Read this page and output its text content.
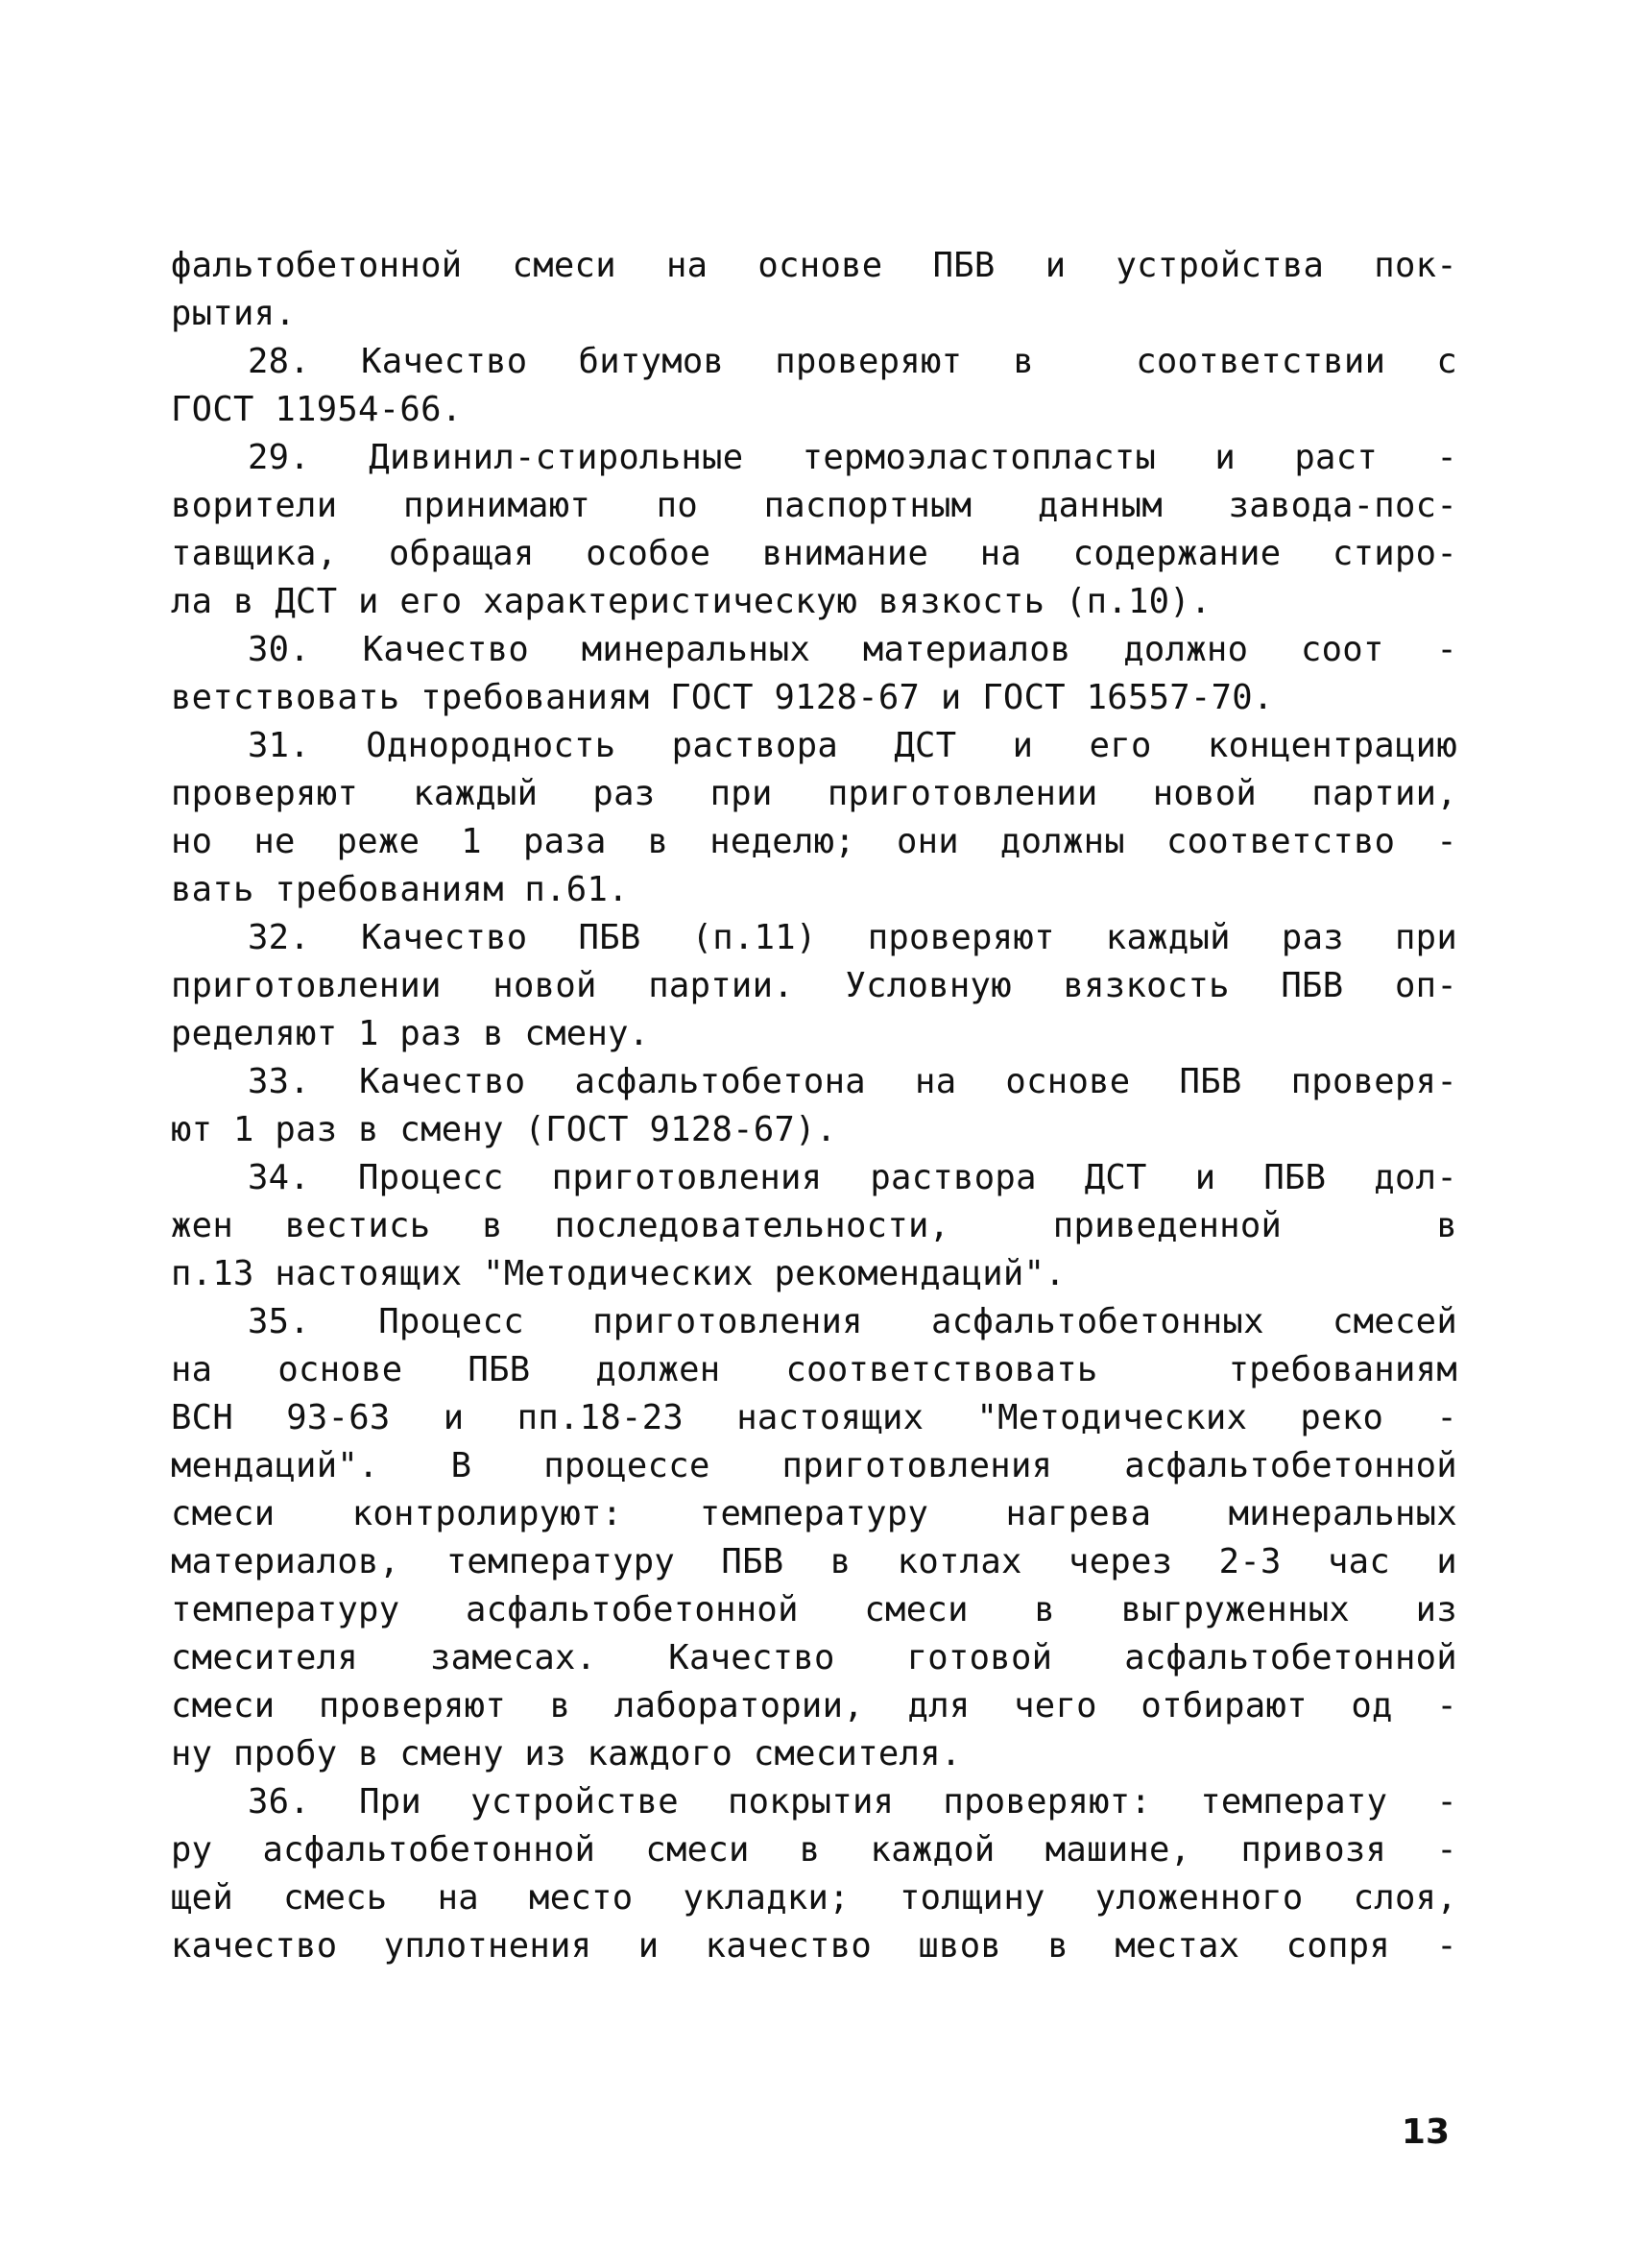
фальтобетонной смеси на основе ПБВ и устройства пок-
рытия.
28. Качество битумов проверяют в  соответствии с
ГОСТ 11954-66.
29. Дивинил-стирольные термоэластопласты и раст -
ворители принимают по паспортным данным завода-пос-
тавщика, обращая особое внимание на содержание стиро-
ла в ДСТ и его характеристическую вязкость (п.10).
30. Качество минеральных материалов должно соот -
ветствовать требованиям ГОСТ 9128-67 и ГОСТ 16557-70.
31. Однородность раствора ДСТ и его концентрацию
проверяют каждый раз при приготовлении новой партии,
но не реже 1 раза в неделю; они должны соответство -
вать требованиям п.61.
32. Качество ПБВ (п.11) проверяют каждый раз при
приготовлении новой партии. Условную вязкость ПБВ оп-
ределяют 1 раз в смену.
33. Качество асфальтобетона на основе ПБВ проверя-
ют 1 раз в смену (ГОСТ 9128-67).
34. Процесс приготовления раствора ДСТ и ПБВ дол-
жен вестись в последовательности,  приведенной   в
п.13 настоящих "Методических рекомендаций".
35. Процесс приготовления асфальтобетонных смесей
на основе ПБВ должен соответствовать  требованиям
ВСН 93-63 и пп.18-23 настоящих "Методических реко -
мендаций". В процессе приготовления асфальтобетонной
смеси контролируют: температуру нагрева минеральных
материалов, температуру ПБВ в котлах через 2-3 час и
температуру асфальтобетонной смеси в выгруженных из
смесителя замесах. Качество готовой асфальтобетонной
смеси проверяют в лаборатории, для чего отбирают од -
ну пробу в смену из каждого смесителя.
36. При устройстве покрытия проверяют: температу -
ру асфальтобетонной смеси в каждой машине, привозя -
щей смесь на место укладки; толщину уложенного слоя,
качество уплотнения и качество швов в местах сопря -
13
